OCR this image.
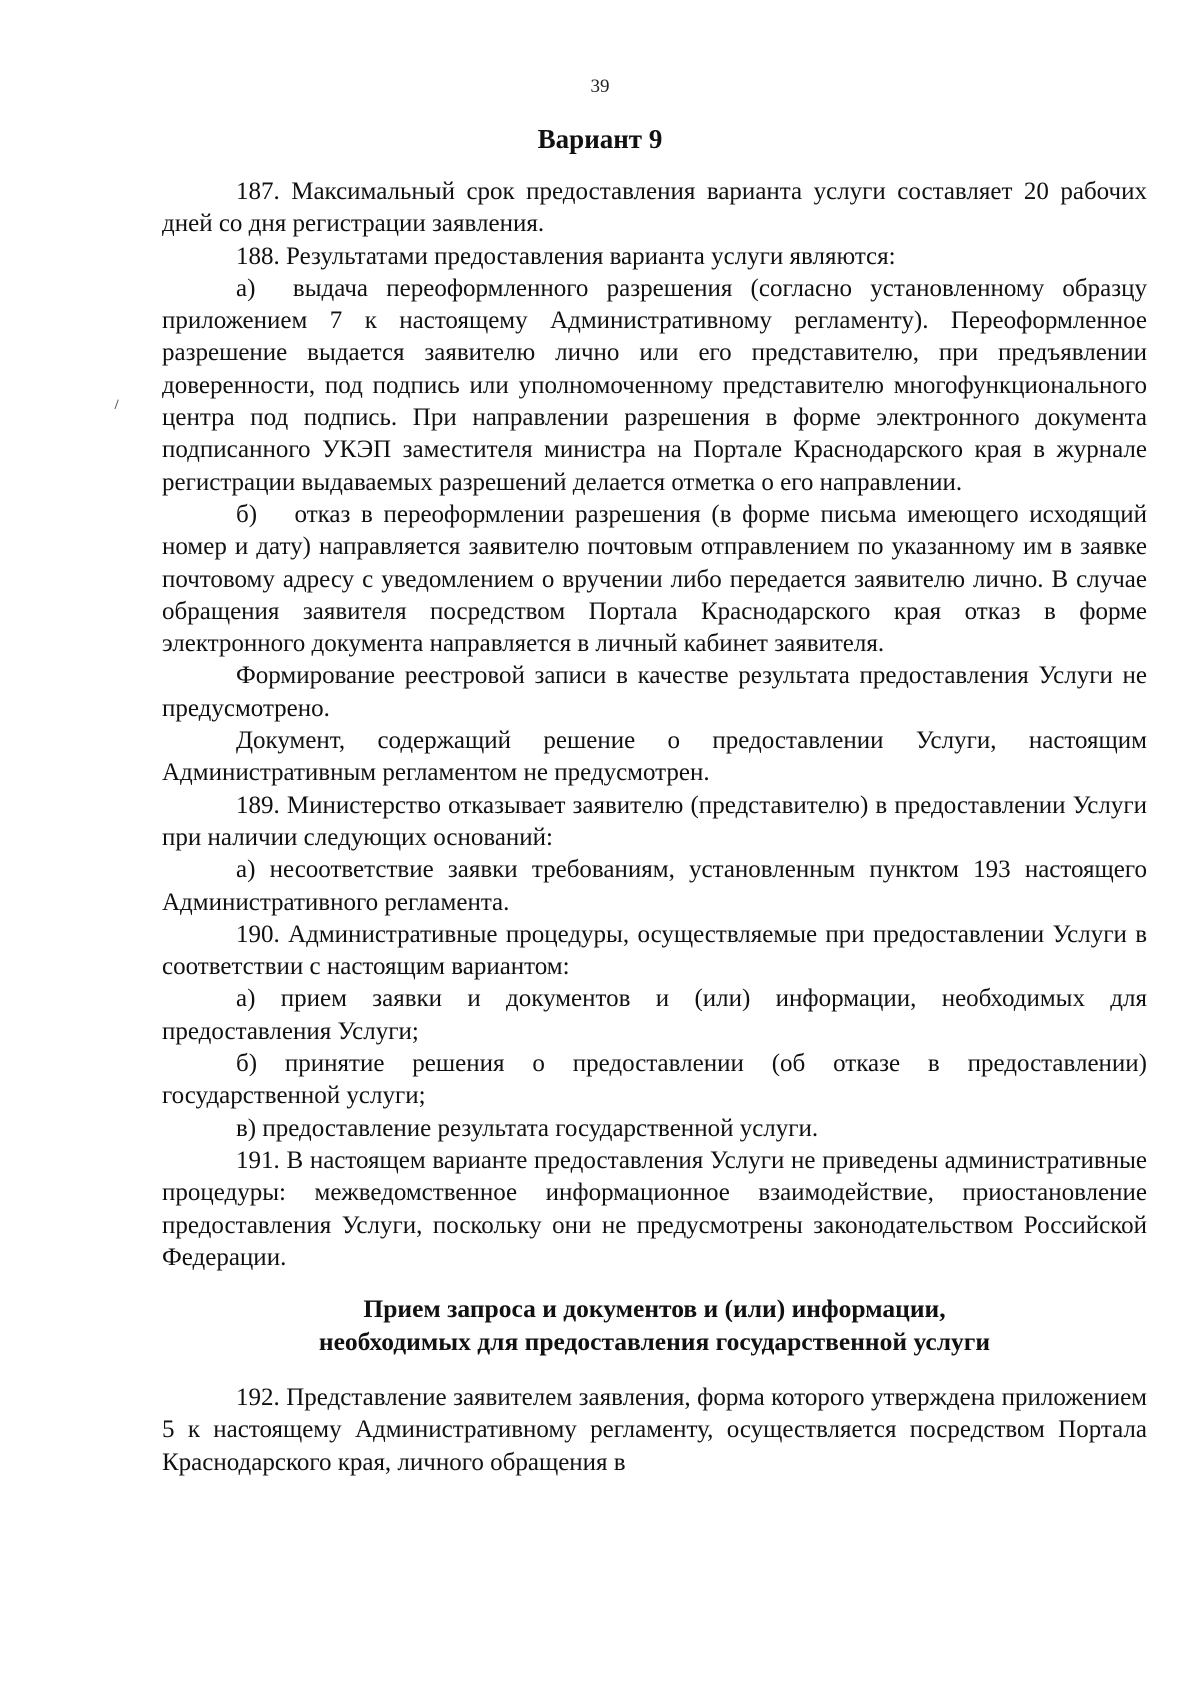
39
Вариант 9

187. Максимальный срок предоставления варианта услуги составляет 20 рабочих дней со дня регистрации заявления.

188. Результатами предоставления варианта услуги являются:

а)  выдача переоформленного разрешения (согласно установленному образцу приложением 7 к настоящему Административному регламенту). Переоформленное разрешение выдается заявителю лично или его представителю, при предъявлении доверенности, под подпись или уполномоченному представителю многофункционального центра под подпись. При направлении разрешения в форме электронного документа подписанного УКЭП заместителя министра на Портале Краснодарского края в журнале регистрации выдаваемых разрешений делается отметка о его направлении.

б)  отказ в переоформлении разрешения (в форме письма имеющего исходящий номер и дату) направляется заявителю почтовым отправлением по указанному им в заявке почтовому адресу с уведомлением о вручении либо передается заявителю лично. В случае обращения заявителя посредством Портала Краснодарского края отказ в форме электронного документа направляется в личный кабинет заявителя.

Формирование реестровой записи в качестве результата предоставления Услуги не предусмотрено.

Документ, содержащий решение о предоставлении Услуги, настоящим Административным регламентом не предусмотрен.

189. Министерство отказывает заявителю (представителю) в предоставлении Услуги при наличии следующих оснований:

а) несоответствие заявки требованиям, установленным пунктом 193 настоящего Административного регламента.

190. Административные процедуры, осуществляемые при предоставлении Услуги в соответствии с настоящим вариантом:

а) прием заявки и документов и (или) информации, необходимых для предоставления Услуги;

б) принятие решения о предоставлении (об отказе в предоставлении) государственной услуги;

в) предоставление результата государственной услуги.

191. В настоящем варианте предоставления Услуги не приведены административные процедуры: межведомственное информационное взаимодействие, приостановление предоставления Услуги, поскольку они не предусмотрены законодательством Российской Федерации.

Прием запроса и документов и (или) информации, необходимых для предоставления государственной услуги

192. Представление заявителем заявления, форма которого утверждена приложением 5 к настоящему Административному регламенту, осуществляется посредством Портала Краснодарского края, личного обращения в
